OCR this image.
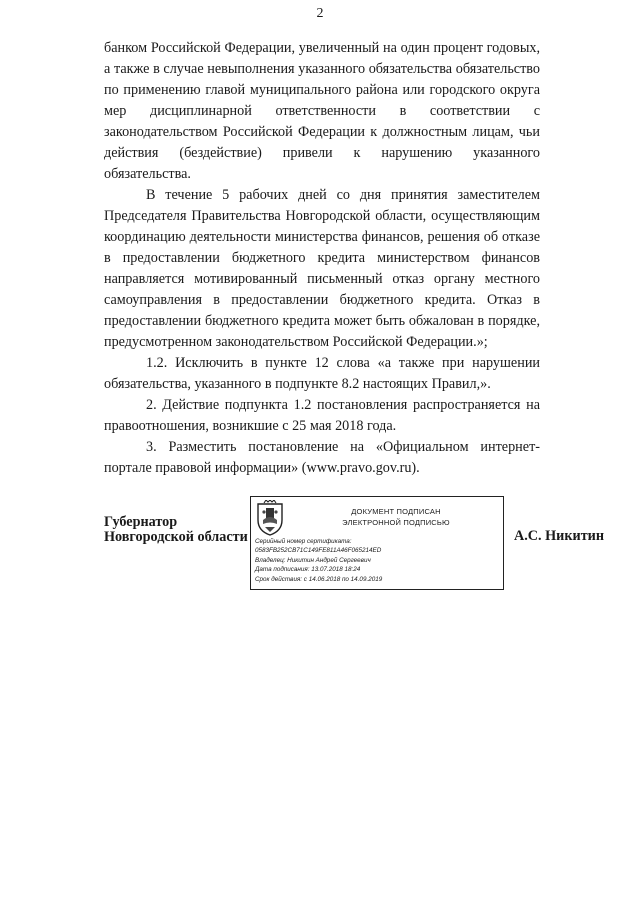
2

банком Российской Федерации, увеличенный на один процент годовых, а также в случае невыполнения указанного обязательства обязательство по применению главой муниципального района или городского округа мер дисциплинарной ответственности в соответствии с законодательством Российской Федерации к должностным лицам, чьи действия (бездействие) привели к нарушению указанного обязательства.

В течение 5 рабочих дней со дня принятия заместителем Председателя Правительства Новгородской области, осуществляющим координацию деятельности министерства финансов, решения об отказе в предоставлении бюджетного кредита министерством финансов направляется мотивированный письменный отказ органу местного самоуправления в предоставлении бюджетного кредита. Отказ в предоставлении бюджетного кредита может быть обжалован в порядке, предусмотренном законодательством Российской Федерации.»;

1.2. Исключить в пункте 12 слова «а также при нарушении обязательства, указанного в подпункте 8.2 настоящих Правил,».

2. Действие подпункта 1.2 постановления распространяется на правоотношения, возникшие с 25 мая 2018 года.

3. Разместить постановление на «Официальном интернет-портале правовой информации» (www.pravo.gov.ru).

Губернатор
Новгородской области
ДОКУМЕНТ ПОДПИСАН
ЭЛЕКТРОННОЙ ПОДПИСЬЮ
Серийный номер сертификата:
0583FB252CB71C149FE811A46F065214ED
Владелец: Никитин Андрей Сергеевич
Дата подписания: 13.07.2018 18:24
Срок действия: с 14.06.2018 по 14.09.2019
А.С. Никитин
